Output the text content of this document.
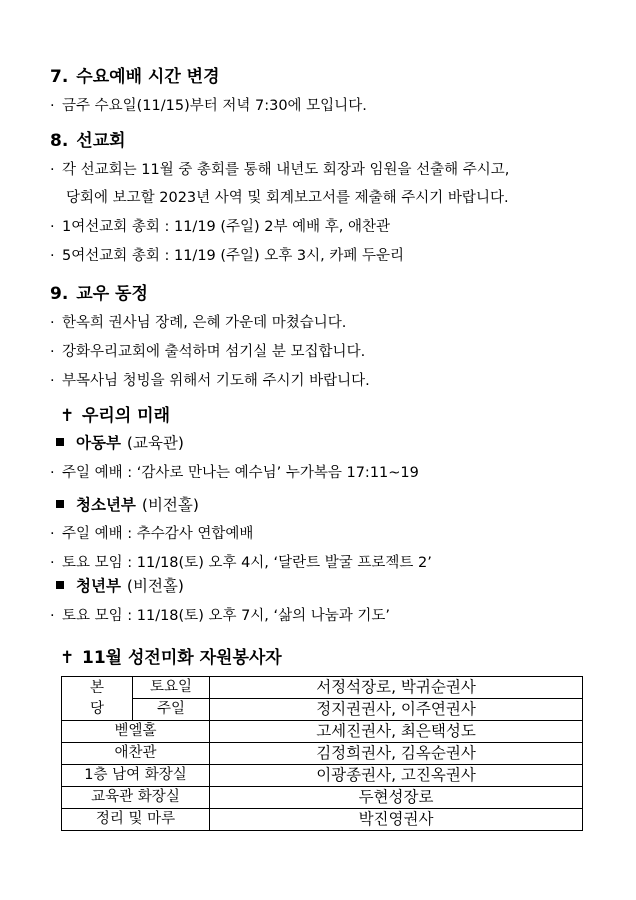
7. 수요예배 시간 변경
· 금주 수요일(11/15)부터 저녁 7:30에 모입니다.
8. 선교회
· 각 선교회는 11월 중 총회를 통해 내년도 회장과 임원을 선출해 주시고,
당회에 보고할 2023년 사역 및 회계보고서를 제출해 주시기 바랍니다.
· 1여선교회 총회 : 11/19 (주일) 2부 예배 후, 애찬관
· 5여선교회 총회 : 11/19 (주일) 오후 3시, 카페 두운리
9. 교우 동정
· 한옥희 권사님 장례, 은혜 가운데 마쳤습니다.
· 강화우리교회에 출석하며 섬기실 분 모집합니다.
· 부목사님 청빙을 위해서 기도해 주시기 바랍니다.
✝ 우리의 미래
아동부 (교육관)
· 주일 예배 : ‘감사로 만나는 예수님’ 누가복음 17:11~19
청소년부 (비전홀)
· 주일 예배 : 추수감사 연합예배
· 토요 모임 : 11/18(토) 오후 4시, ‘달란트 발굴 프로젝트 2’
청년부 (비전홀)
· 토요 모임 : 11/18(토) 오후 7시, ‘삶의 나눔과 기도’
✝ 11월 성전미화 자원봉사자
본
당	토요일	서정석장로, 박귀순권사
	주일	정지권권사, 이주연권사
벧엘홀		고세진권사, 최은택성도
애찬관		김정희권사, 김옥순권사
1층 남여 화장실		이광종권사, 고진옥권사
교육관 화장실		두현성장로
정리 및 마루		박진영권사
